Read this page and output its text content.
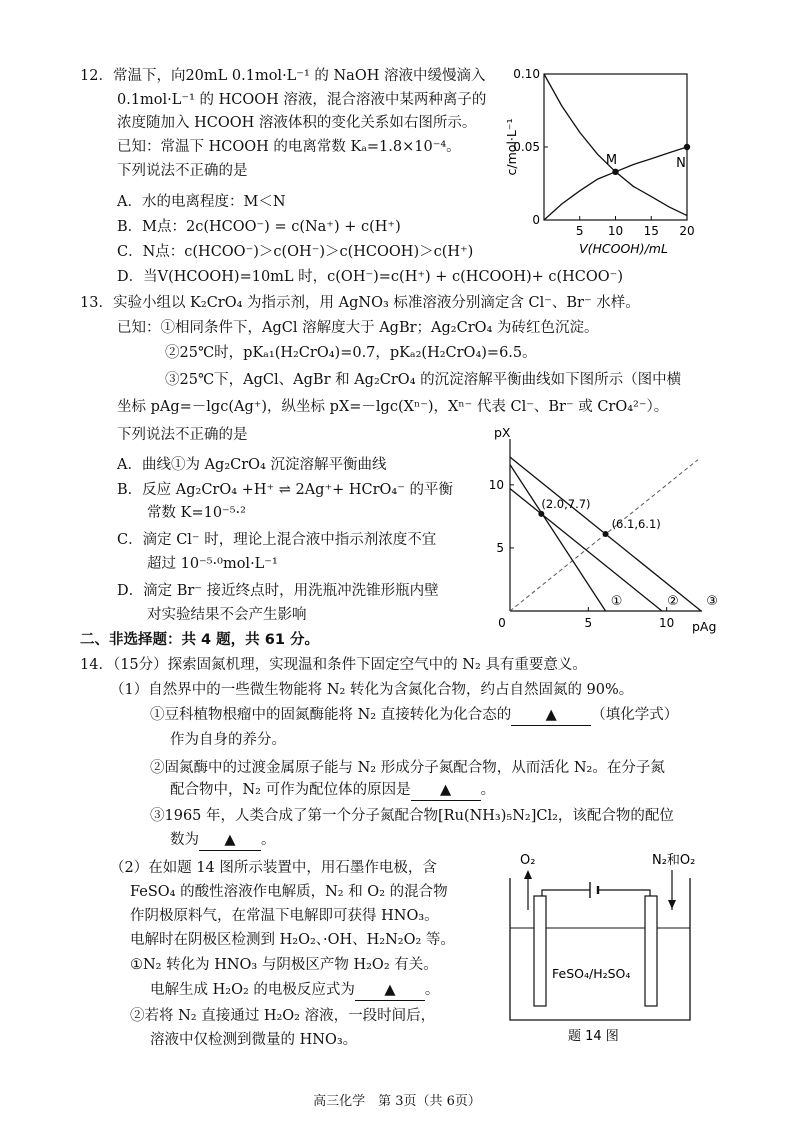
12．常温下，向20mL 0.1mol·L⁻¹ 的 NaOH 溶液中缓慢滴入
0.1mol·L⁻¹ 的 HCOOH 溶液，混合溶液中某两种离子的
浓度随加入 HCOOH 溶液体积的变化关系如右图所示。
已知：常温下 HCOOH 的电离常数 Kₐ=1.8×10⁻⁴。
下列说法不正确的是
A．水的电离程度：M＜N
B．M点：2c(HCOO⁻) = c(Na⁺) + c(H⁺)
C．N点：c(HCOO⁻)＞c(OH⁻)＞c(HCOOH)＞c(H⁺)
D．当V(HCOOH)=10mL 时，c(OH⁻)=c(H⁺) + c(HCOOH)+ c(HCOO⁻)
5 10 15 20
0
0.05
0.10
V(HCOOH)/mL
c/mol·L⁻¹	M	N
13．实验小组以 K₂CrO₄ 为指示剂，用 AgNO₃ 标准溶液分别滴定含 Cl⁻、Br⁻ 水样。
已知：①相同条件下，AgCl 溶解度大于 AgBr；Ag₂CrO₄ 为砖红色沉淀。
②25℃时，pKₐ₁(H₂CrO₄)=0.7，pKₐ₂(H₂CrO₄)=6.5。
③25℃下，AgCl、AgBr 和 Ag₂CrO₄ 的沉淀溶解平衡曲线如下图所示（图中横
坐标 pAg=－lgc(Ag⁺)，纵坐标 pX=－lgc(Xⁿ⁻)，Xⁿ⁻ 代表 Cl⁻、Br⁻ 或 CrO₄²⁻）。
下列说法不正确的是
A．曲线①为 Ag₂CrO₄ 沉淀溶解平衡曲线
B．反应 Ag₂CrO₄ +H⁺ ⇌ 2Ag⁺+ HCrO₄⁻ 的平衡
常数 K=10⁻⁵·²
C．滴定 Cl⁻ 时，理论上混合液中指示剂浓度不宜
超过 10⁻⁵·⁰mol·L⁻¹
D．滴定 Br⁻ 接近终点时，用洗瓶冲洗锥形瓶内壁
对实验结果不会产生影响
pX
pAg
0	5	10
5
10
①	② ③
(2.0,7.7)
(6.1,6.1)
二、非选择题：共 4 题，共 61 分。
14．（15分）探索固氮机理，实现温和条件下固定空气中的 N₂ 具有重要意义。
（1）自然界中的一些微生物能将 N₂ 转化为含氮化合物，约占自然固氮的 90%。
①豆科植物根瘤中的固氮酶能将 N₂ 直接转化为化合态的 ▲ （填化学式）
作为自身的养分。
②固氮酶中的过渡金属原子能与 N₂ 形成分子氮配合物，从而活化 N₂。在分子氮
配合物中，N₂ 可作为配位体的原因是 ▲ 。
③1965 年，人类合成了第一个分子氮配合物[Ru(NH₃)₅N₂]Cl₂，该配合物的配位
数为 ▲ 。
（2）在如题 14 图所示装置中，用石墨作电极，含
FeSO₄ 的酸性溶液作电解质，N₂ 和 O₂ 的混合物
作阴极原料气，在常温下电解即可获得 HNO₃。
电解时在阴极区检测到 H₂O₂、·OH、H₂N₂O₂ 等。
①N₂ 转化为 HNO₃ 与阴极区产物 H₂O₂ 有关。
电解生成 H₂O₂ 的电极反应式为 ▲ 。
②若将 N₂ 直接通过 H₂O₂ 溶液，一段时间后，
溶液中仅检测到微量的 HNO₃。
O₂	N₂和O₂
FeSO₄/H₂SO₄
题 14 图
高三化学　第 3页（共 6页）
